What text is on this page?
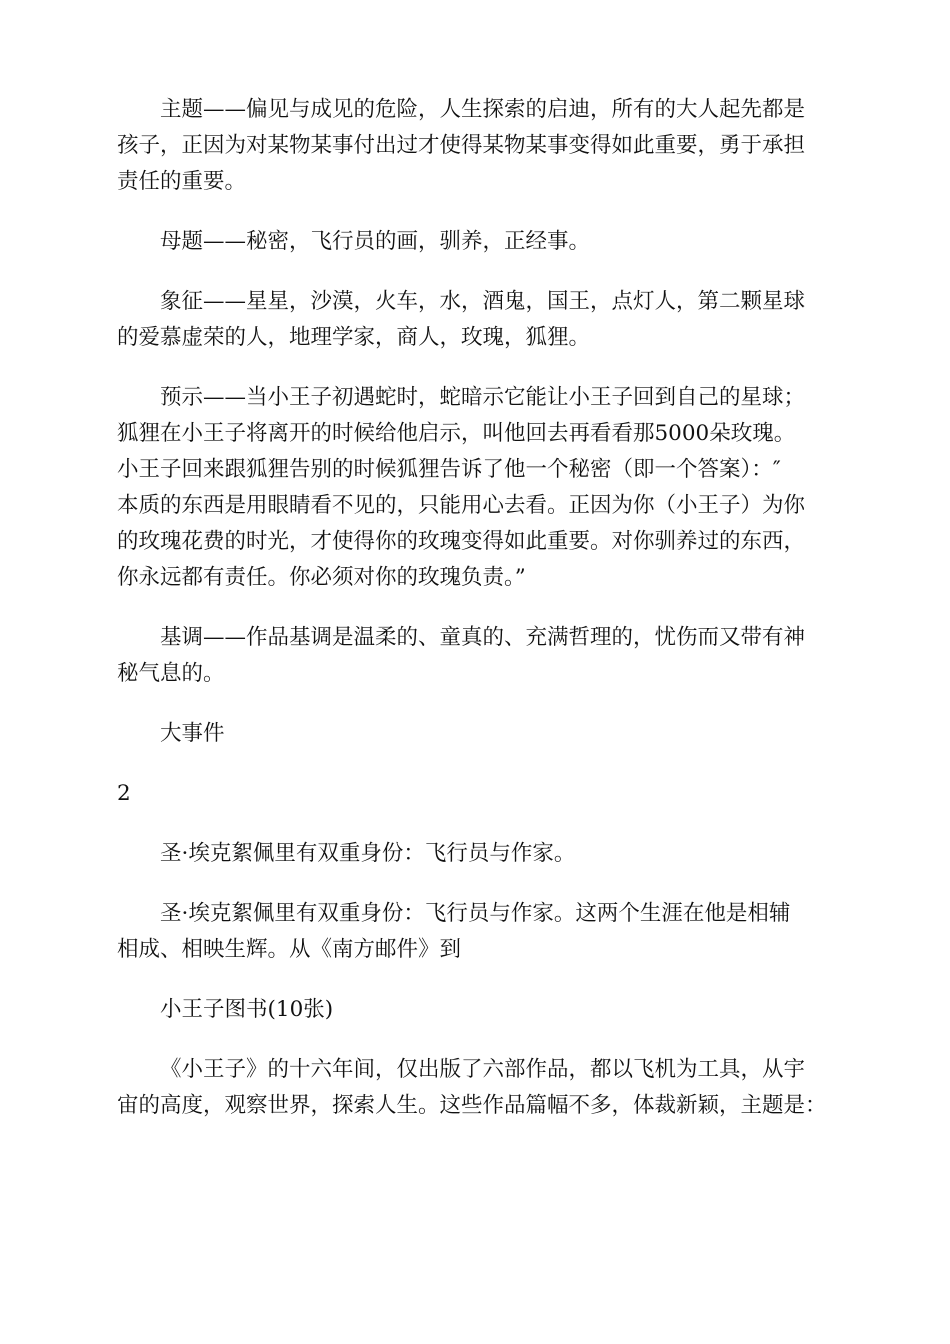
主题——偏见与成见的危险，人生探索的启迪，所有的大人起先都是
孩子，正因为对某物某事付出过才使得某物某事变得如此重要，勇于承担
责任的重要。

母题——秘密，飞行员的画，驯养，正经事。

象征——星星，沙漠，火车，水，酒鬼，国王，点灯人，第二颗星球
的爱慕虚荣的人，地理学家，商人，玫瑰，狐狸。

预示——当小王子初遇蛇时，蛇暗示它能让小王子回到自己的星球；
狐狸在小王子将离开的时候给他启示，叫他回去再看看那5000朵玫瑰。
小王子回来跟狐狸告别的时候狐狸告诉了他一个秘密（即一个答案）：″
本质的东西是用眼睛看不见的，只能用心去看。正因为你（小王子）为你
的玫瑰花费的时光，才使得你的玫瑰变得如此重要。对你驯养过的东西，
你永远都有责任。你必须对你的玫瑰负责。”

基调——作品基调是温柔的、童真的、充满哲理的，忧伤而又带有神
秘气息的。

大事件

2

圣·埃克絮佩里有双重身份：飞行员与作家。

圣·埃克絮佩里有双重身份：飞行员与作家。这两个生涯在他是相辅
相成、相映生辉。从《南方邮件》到

小王子图书(10张)

《小王子》的十六年间，仅出版了六部作品，都以飞机为工具，从宇
宙的高度，观察世界，探索人生。这些作品篇幅不多，体裁新颖，主题是：
